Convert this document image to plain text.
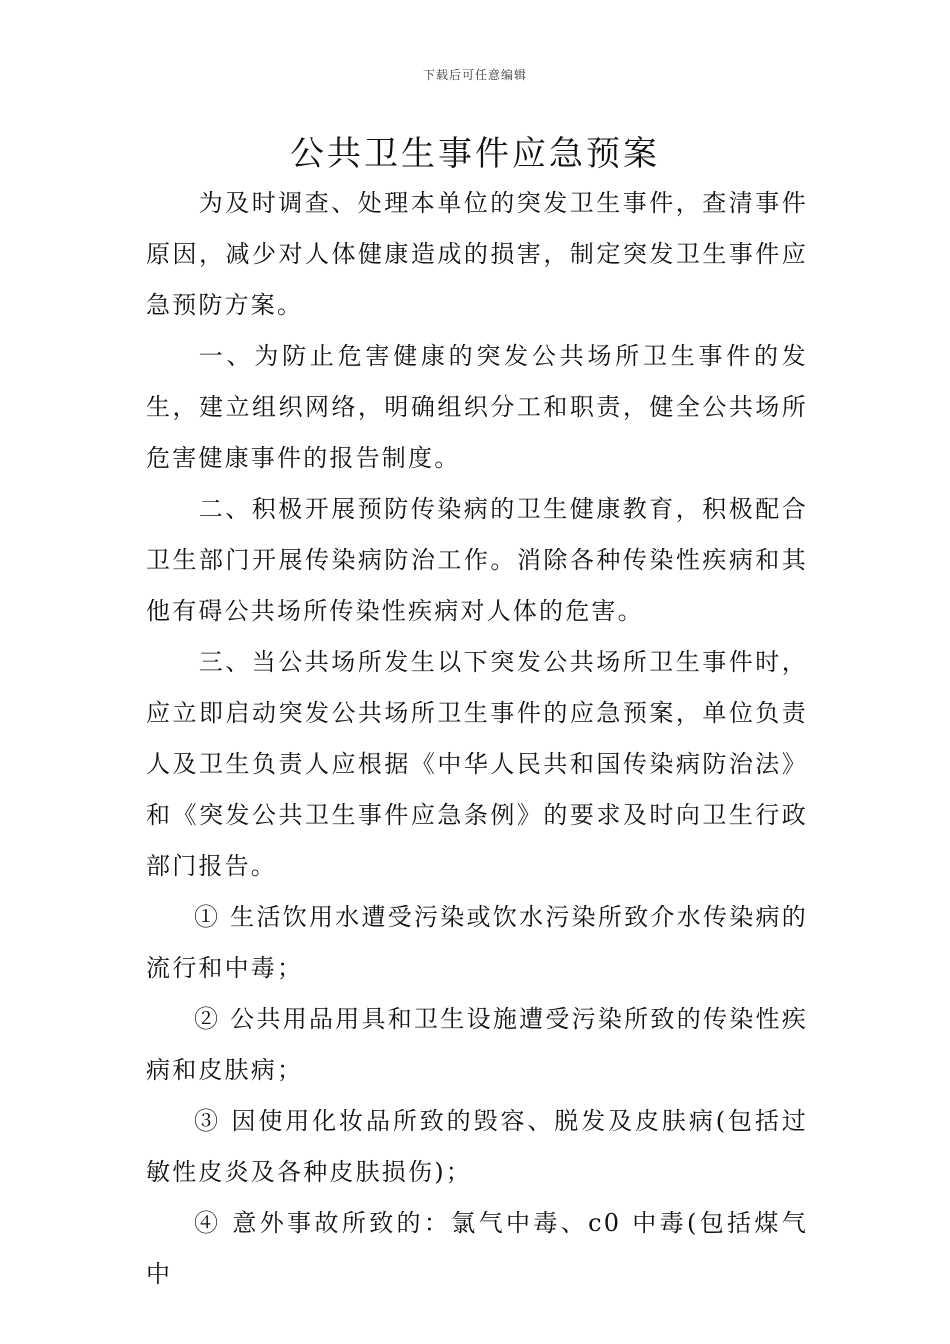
下载后可任意编辑
公共卫生事件应急预案

为及时调查、处理本单位的突发卫生事件，查清事件原因，减少对人体健康造成的损害，制定突发卫生事件应急预防方案。

一、为防止危害健康的突发公共场所卫生事件的发生，建立组织网络，明确组织分工和职责，健全公共场所危害健康事件的报告制度。

二、积极开展预防传染病的卫生健康教育，积极配合卫生部门开展传染病防治工作。消除各种传染性疾病和其他有碍公共场所传染性疾病对人体的危害。

三、当公共场所发生以下突发公共场所卫生事件时，应立即启动突发公共场所卫生事件的应急预案，单位负责人及卫生负责人应根据《中华人民共和国传染病防治法》和《突发公共卫生事件应急条例》的要求及时向卫生行政部门报告。

① 生活饮用水遭受污染或饮水污染所致介水传染病的流行和中毒；

② 公共用品用具和卫生设施遭受污染所致的传染性疾病和皮肤病；

③ 因使用化妆品所致的毁容、脱发及皮肤病(包括过敏性皮炎及各种皮肤损伤)；

④ 意外事故所致的：氯气中毒、c0 中毒(包括煤气中
